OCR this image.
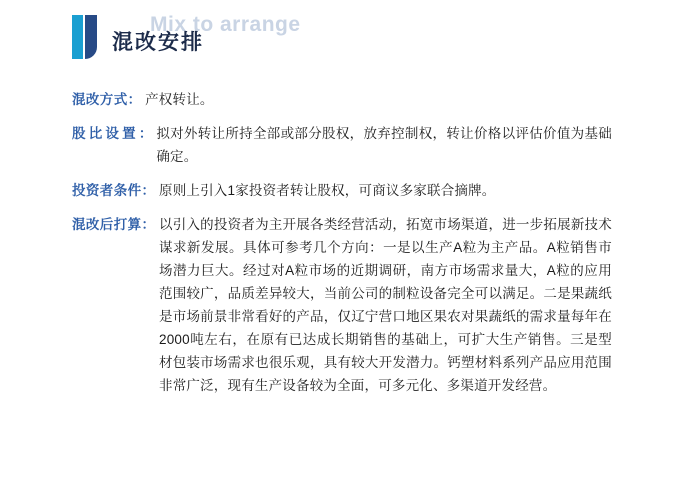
Mix to arrange
混改安排
混改方式 ： 产权转让。
股比设置 ： 拟对外转让所持全部或部分股权，放弃控制权，转让价格以评估价值为基础确定。
投资者条件 ： 原则上引入1家投资者转让股权，可商议多家联合摘牌。
混改后打算 ： 以引入的投资者为主开展各类经营活动，拓宽市场渠道，进一步拓展新技术谋求新发展。具体可参考几个方向：一是以生产A粒为主产品。A粒销售市场潜力巨大。经过对A粒市场的近期调研，南方市场需求量大，A粒的应用范围较广，品质差异较大，当前公司的制粒设备完全可以满足。二是果蔬纸是市场前景非常看好的产品，仅辽宁营口地区果农对果蔬纸的需求量每年在2000吨左右，在原有已达成长期销售的基础上，可扩大生产销售。三是型材包装市场需求也很乐观，具有较大开发潜力。钙塑材料系列产品应用范围非常广泛，现有生产设备较为全面，可多元化、多渠道开发经营。
